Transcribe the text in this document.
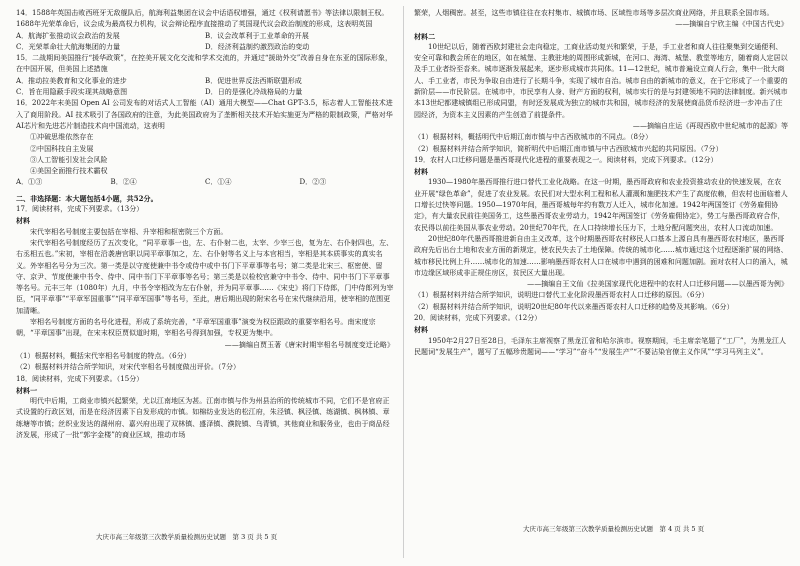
14．1588年英国击败西班牙无敌舰队后，航海利益集团在议会中话语权增强，通过《权利请愿书》等法律以限制王权。1688年光荣革命后，议会成为最高权力机构，议会辩论程序直接推动了英国现代议会政治制度的形成，这表明英国

A．航海扩张推动议会政治的发展	B．议会改革利于工业革命的开展
C．光荣革命壮大航海集团的力量	D．经济利益制约激烈政治的变动

15．二战期间美国推行“援华政策”，在控美开展文化交流和学术交流的，并通过“援助外交”改善自身在东亚的国际形象，在中国开展，但美国上述措施

A．推动拉美教育和文化事业的进步	B．促进世界反法西斯联盟形成
C．旨在用隐蔽手段实现其战略意图	D．日的是强化冷战格局的力量

16．2022年末美国 Open AI 公司发布的对话式人工智能（AI）通用大模型——Chat GPT-3.5，标志着人工智能技术进入了商用阶段。AI 技术吸引了各国政府的注意，为此美国政府为了垄断相关技术开始实施更为严格的限制政策，严格对华AI芯片和先进芯片制造技术向中国流动，这表明

①冲破思维依然存在

②中国科技自主发展

③人工智能引发社会风险

④美国全面推行技术霸权

A．①③	B．②④	C．①④	D．②③

二、非选择题：本大题包括4小题，共52分。

17．阅读材料，完成下列要求。（13分）

材料

宋代宰相名号制度主要包括在宰相、升宰相和枢密院三个方面。

宋代宰相名号制度经历了五次变化，“同平章事一也，左、右仆射二也，太宰、少宰三也，复为左、右仆射四也，左、右丞相五也。”宋初，宰相在沿袭唐官职以同平章事加之，左、右仆射等名义上与本官相当，宰相是其本质事实的真实名义。外宰相名号分为三次。第一类是以守度使兼中书令或侍中或中书门下平章事等名号；第二类是北宋三、枢密使、留守、京尹、节度使兼中书令、侍中、同中书门下平章事等名号；第三类是以检校官兼守中书令、侍中、同中书门下平章事等名号。元丰三年（1080年）九月，中书令宰相改为左右仆射，并为同平章事……《宋史》将门下侍郎，门中侍郎列为宰臣，“同平章事”“平章军国重事”“同平章军国事”等名号，至此，唐后期出现的附宋名号在宋代继续沿用，使宰相的范围更加清晰。

宰相名号制度方面的名号化进程，形成了系统完善，“平章军国重事”演变为权臣跟政的重要宰相名号。南宋度宗朝，“平章国事”出现，在宋末权臣贾似道时期，宰相名号得到加强，专权更为集中。

——摘编自贾玉著《唐宋时期宰相名号制度变迁论略》

（1）根据材料，概括宋代宰相名号制度的特点。（6分）

（2）根据材料并结合所学知识，对宋代宰相名号制度做出评价。（7分）

18．阅读材料，完成下列要求。（15分）

材料一

明代中后期，工商业市镇兴起繁荣，尤以江南地区为甚。江南市镇与作为州县治所的传统城市不同，它们不是官府正式设置的行政区划，而是在经济因素下自发形成的市镇。如棉纺业发达的松江府，朱泾镇、枫泾镇、练湖镇、枫林镇、章练塘等市镇；丝织业发达的湖州府、嘉兴府出现了双林镇、盛泽镇、濮院镇、乌青镇，其他商业和服务业，也由于商品经济发展，形成了一批“郭字金楼”的商业区域，推动市场

大庆市高三年级第三次教学质量检测历史试题　第 3 页 共 5 页

繁荣，人烟稠密。甚至，这些市镇往往在农村集市、城镇市场、区域性市场等多层次商业网络，并且联系全国市场。

——摘编自宁欣主编《中国古代史》

材料二

10世纪以后，随着西欧封建社会走向稳定，工商业活动复兴和繁荣，于是，手工业者和商人往往聚集到交通便利、安全可靠和教会所在的地区，如在城堡、主教驻地的周围形成新城，在河口、海湾、城堡、教堂等地方，随着商人定居以及手工业者纷至沓来。城市逐渐发展起来，逐步形成城市共同体。11—12世纪，城市普遍设立商人行会，集中一批大商人、手工业者，市民为争取自由进行了长期斗争，实现了城市自治。城市自由的新城市的意义，在于它形成了一个重要的新阶层——市民阶层。在城市中，市民享有人身、财产方面的权利，城市实行的是与封建领地不同的法律制度。新兴城市本13世纪都建城镇组已形成同盟，有时还发展成为独立的城市共和国，城市经济的发展使商品货币经济进一步冲击了庄园经济，为资本主义因素的产生创造了前提条件。

——摘编自庄运《再现西欧中世纪城市的起源》等

（1）根据材料，概括明代中后期江南市镇与中古西欧城市的不同点。（8分）

（2）根据材料并结合所学知识，简析明代中后期江南市镇与中古西欧城市兴起的共同原因。（7分）

19．农村人口迁移问题是墨西哥现代化进程的重要表现之一。阅读材料，完成下列要求。（12分）

材料

1930—1980年墨西哥推行进口替代工业化战略。在这一时期，墨西哥政府和农业投资推动农业的快速发展，在农业开展“绿色革命”，促进了农业发展。农民们对大型水利工程和私人灌溉和施肥技术产生了高度依赖，但农村也面临着人口增长过快等问题。1950—1970年间，墨西哥城每年约有数万人迁入，城市化加速。1942年两国签订《劳务雇佣协定》，有大量农民前往美国务工，这些墨西哥农业劳动力，1942年两国签订《劳务雇佣协定》，势工与墨西哥政府合作，农民得以前往美国从事农业劳动。20世纪70年代，在人口持续增长压力下，土地分配问题突出，农村人口流动加速。

20世纪80年代墨西哥推进新自由主义改革，这个时期墨西哥农村移民人口基本上源自具有墨西哥农村地区，墨西哥政府先后出台土地和农业方面的新规定，使农民失去了土地保障。传统的城市化……城市通过这个过程逐渐扩展的网络、城市移民比例上升……城市化的加速……影响墨西哥农村人口在城市中遇到的困难和问题加剧。面对农村人口的涌入，城市边缘区域形成非正规住房区，贫民区大量出现。

——摘编自王文仙《拉美国家现代化进程中的农村人口迁移问题——以墨西哥为例》

（1）根据材料并结合所学知识，说明进口替代工业化阶段墨西哥农村人口迁移的原因。（6分）

（2）根据材料并结合所学知识，说明20世纪80年代以来墨西哥农村人口迁移的趋势及其影响。（6分）

20．阅读材料，完成下列要求。（12分）

材料

1950年2月27日至28日，毛泽东主席视察了黑龙江省和哈尔滨市。视察期间，毛主席亲笔题了“工厂”，为黑龙江人民题词“发展生产”，题写了五幅珍贵题词——“学习”“奋斗”“发展生产”“不要沾染官僚主义作风”“学习马列主义”。

大庆市高三年级第三次教学质量检测历史试题　第 4 页 共 5 页
